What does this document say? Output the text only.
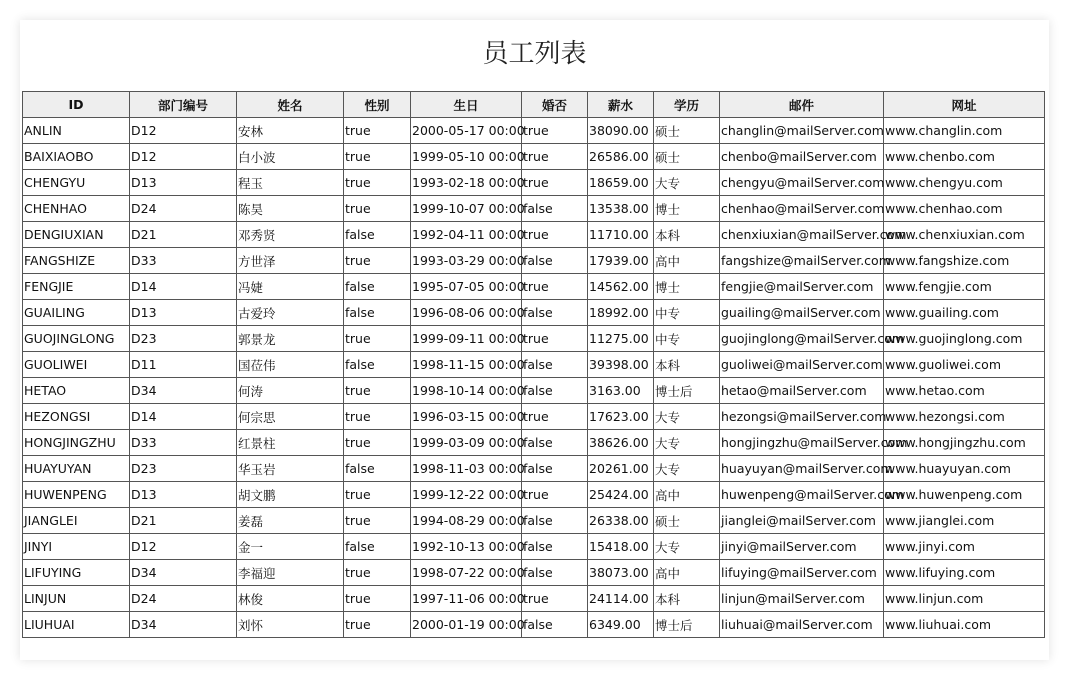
员工列表
ID	部门编号	姓名	性别	生日	婚否	薪水	学历	邮件	网址
ANLIN	D12	安林	true	2000-05-17 00:00	true	38090.00	硕士	changlin@mailServer.com	www.changlin.com
BAIXIAOBO	D12	白小波	true	1999-05-10 00:00	true	26586.00	硕士	chenbo@mailServer.com	www.chenbo.com
CHENGYU	D13	程玉	true	1993-02-18 00:00	true	18659.00	大专	chengyu@mailServer.com	www.chengyu.com
CHENHAO	D24	陈昊	true	1999-10-07 00:00	false	13538.00	博士	chenhao@mailServer.com	www.chenhao.com
DENGIUXIAN	D21	邓秀贤	false	1992-04-11 00:00	true	11710.00	本科	chenxiuxian@mailServer.com	www.chenxiuxian.com
FANGSHIZE	D33	方世泽	true	1993-03-29 00:00	false	17939.00	高中	fangshize@mailServer.com	www.fangshize.com
FENGJIE	D14	冯婕	false	1995-07-05 00:00	true	14562.00	博士	fengjie@mailServer.com	www.fengjie.com
GUAILING	D13	古爱玲	false	1996-08-06 00:00	false	18992.00	中专	guailing@mailServer.com	www.guailing.com
GUOJINGLONG	D23	郭景龙	true	1999-09-11 00:00	true	11275.00	中专	guojinglong@mailServer.com	www.guojinglong.com
GUOLIWEI	D11	国莅伟	false	1998-11-15 00:00	false	39398.00	本科	guoliwei@mailServer.com	www.guoliwei.com
HETAO	D34	何涛	true	1998-10-14 00:00	false	3163.00	博士后	hetao@mailServer.com	www.hetao.com
HEZONGSI	D14	何宗思	true	1996-03-15 00:00	true	17623.00	大专	hezongsi@mailServer.com	www.hezongsi.com
HONGJINGZHU	D33	红景柱	true	1999-03-09 00:00	false	38626.00	大专	hongjingzhu@mailServer.com	www.hongjingzhu.com
HUAYUYAN	D23	华玉岩	false	1998-11-03 00:00	false	20261.00	大专	huayuyan@mailServer.com	www.huayuyan.com
HUWENPENG	D13	胡文鹏	true	1999-12-22 00:00	true	25424.00	高中	huwenpeng@mailServer.com	www.huwenpeng.com
JIANGLEI	D21	姜磊	true	1994-08-29 00:00	false	26338.00	硕士	jianglei@mailServer.com	www.jianglei.com
JINYI	D12	金一	false	1992-10-13 00:00	false	15418.00	大专	jinyi@mailServer.com	www.jinyi.com
LIFUYING	D34	李福迎	true	1998-07-22 00:00	false	38073.00	高中	lifuying@mailServer.com	www.lifuying.com
LINJUN	D24	林俊	true	1997-11-06 00:00	true	24114.00	本科	linjun@mailServer.com	www.linjun.com
LIUHUAI	D34	刘怀	true	2000-01-19 00:00	false	6349.00	博士后	liuhuai@mailServer.com	www.liuhuai.com
